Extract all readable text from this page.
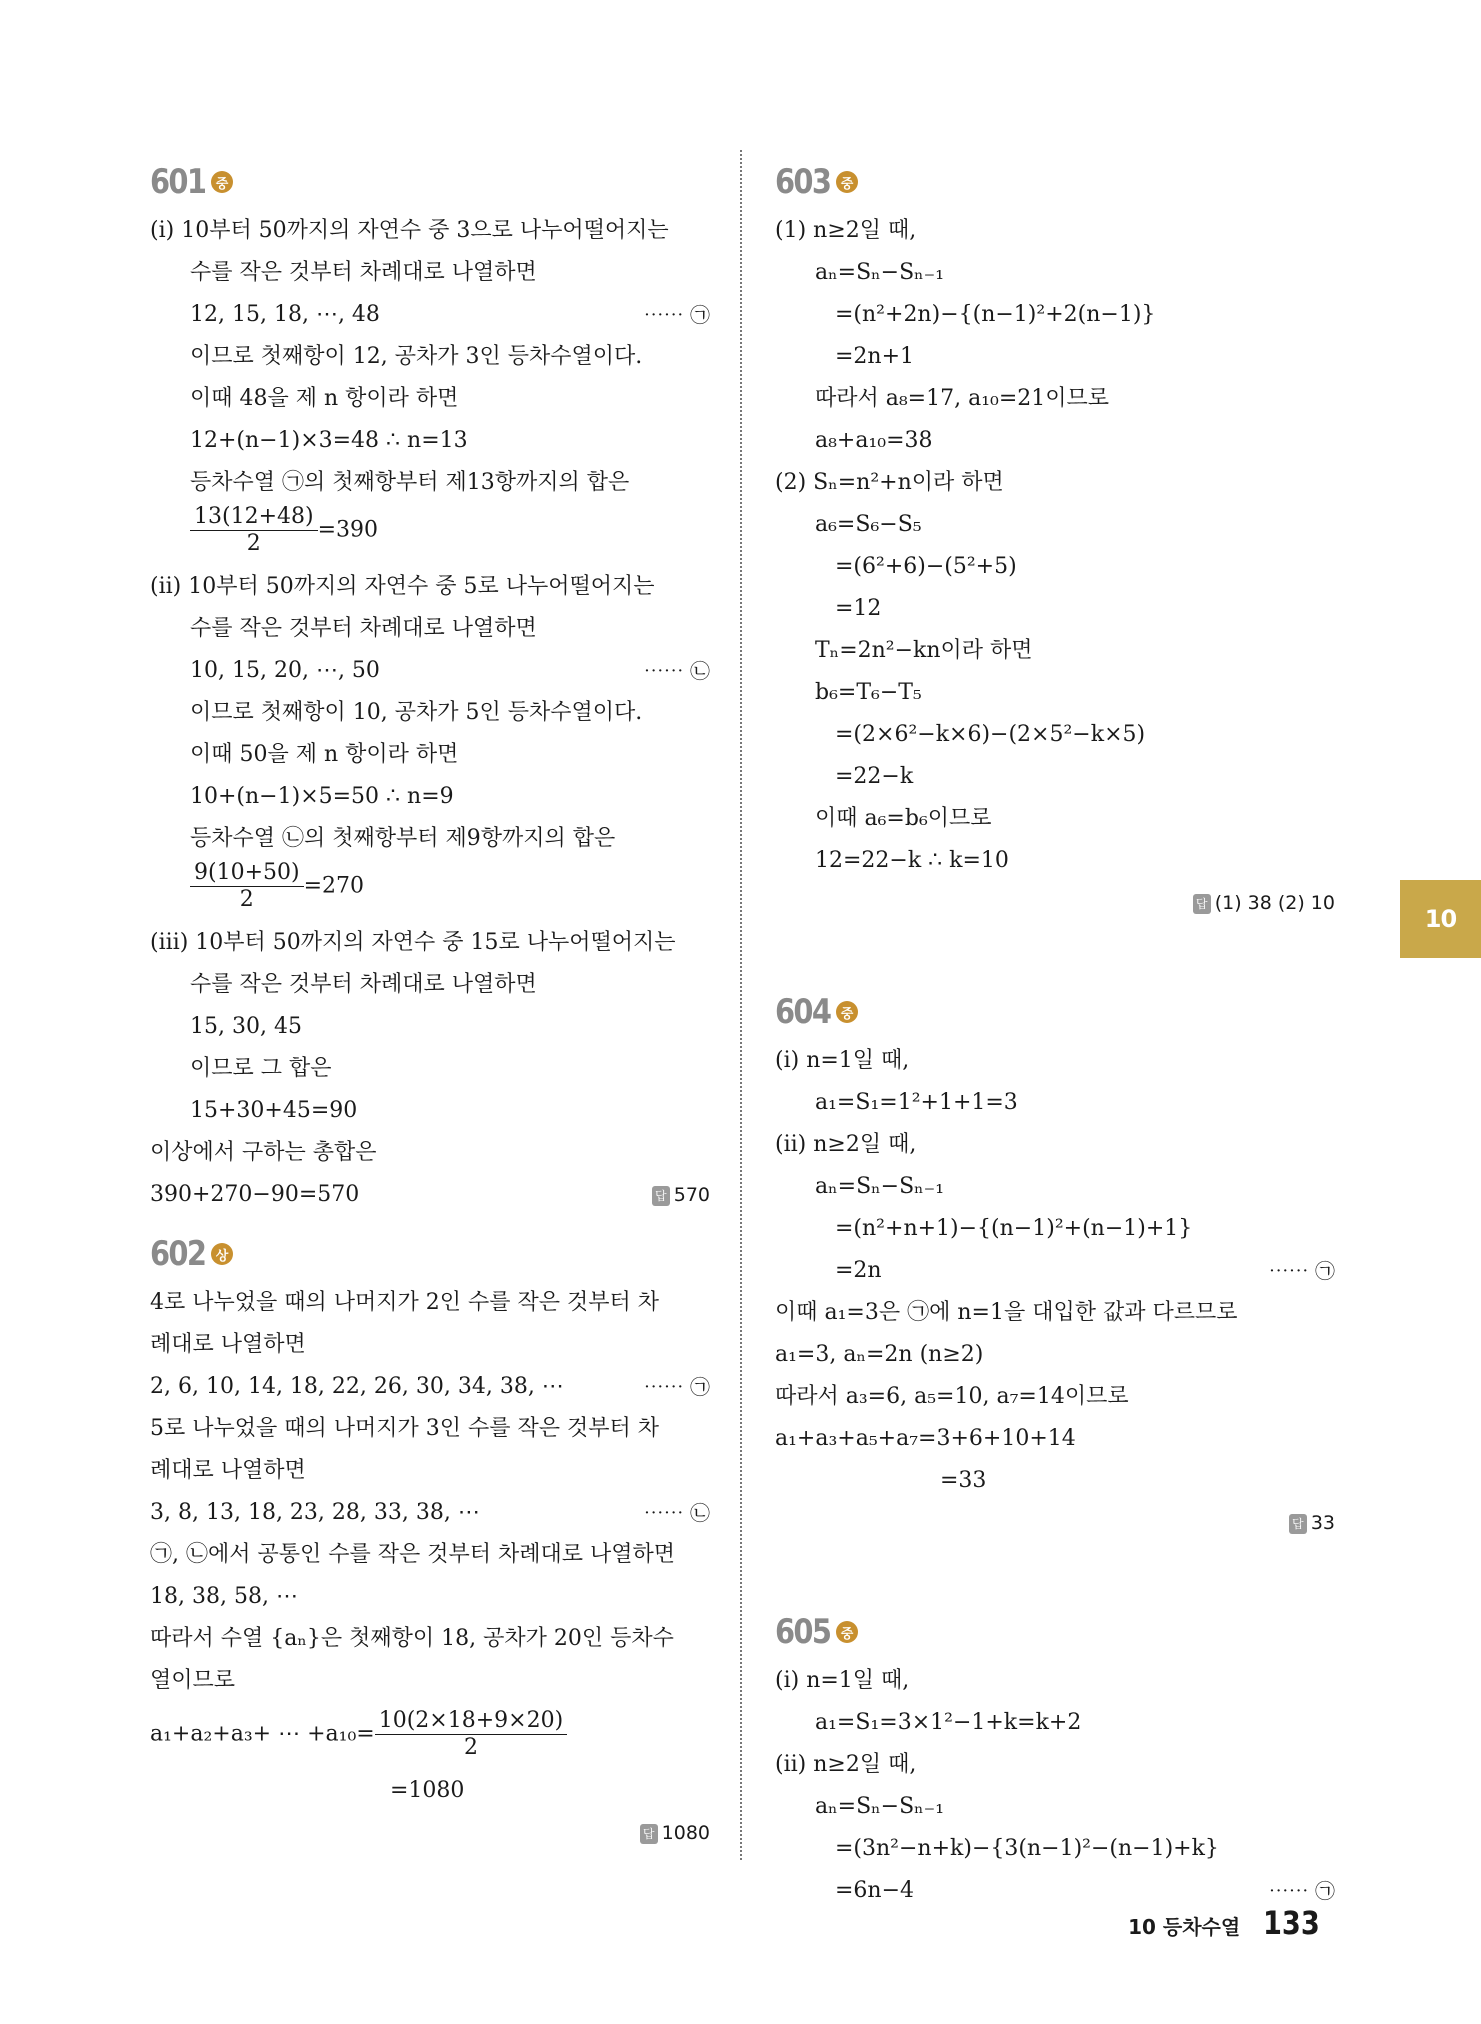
601 중
(ⅰ) 10부터 50까지의 자연수 중 3으로 나누어떨어지는
수를 작은 것부터 차례대로 나열하면
12, 15, 18, ⋯, 48	⋯⋯ ㉠
이므로 첫째항이 12, 공차가 3인 등차수열이다.
이때 48을 제 n 항이라 하면
12+(n−1)×3=48 ∴ n=13
등차수열 ㉠의 첫째항부터 제13항까지의 합은
$\frac{13(12+48)}{2} =390$
(ⅱ) 10부터 50까지의 자연수 중 5로 나누어떨어지는
수를 작은 것부터 차례대로 나열하면
10, 15, 20, ⋯, 50	⋯⋯ ㉡
이므로 첫째항이 10, 공차가 5인 등차수열이다.
이때 50을 제 n 항이라 하면
10+(n−1)×5=50 ∴ n=9
등차수열 ㉡의 첫째항부터 제9항까지의 합은
$\frac{9(10+50)}{2} =270$
(ⅲ) 10부터 50까지의 자연수 중 15로 나누어떨어지는
수를 작은 것부터 차례대로 나열하면
15, 30, 45
이므로 그 합은
15+30+45=90
이상에서 구하는 총합은
390+270−90=570	답 570
602 상
4로 나누었을 때의 나머지가 2인 수를 작은 것부터 차
례대로 나열하면
2, 6, 10, 14, 18, 22, 26, 30, 34, 38, ⋯	⋯⋯ ㉠
5로 나누었을 때의 나머지가 3인 수를 작은 것부터 차
례대로 나열하면
3, 8, 13, 18, 23, 28, 33, 38, ⋯	⋯⋯ ㉡
㉠, ㉡에서 공통인 수를 작은 것부터 차례대로 나열하면
18, 38, 58, ⋯
따라서 수열 {aₙ}은 첫째항이 18, 공차가 20인 등차수
열이므로
a₁+a₂+a₃+ ⋯ $+a_{10}= \frac{10(2\times 18+9\times 20)}{2}$
=1080
답 1080
603 중
(1) n≥2일 때,
aₙ=Sₙ−Sₙ₋₁
=(n²+2n)−{(n−1)²+2(n−1)}
=2n+1
따라서 a₈=17, a₁₀=21이므로
a₈+a₁₀=38
(2) Sₙ=n²+n이라 하면
a₆=S₆−S₅
=(6²+6)−(5²+5)
=12
Tₙ=2n²−kn이라 하면
b₆=T₆−T₅
=(2×6²−k×6)−(2×5²−k×5)
=22−k
이때 a₆=b₆이므로
12=22−k ∴ k=10
답 (1) 38 (2) 10
604 중
(ⅰ) n=1일 때,
a₁=S₁=1²+1+1=3
(ⅱ) n≥2일 때,
aₙ=Sₙ−Sₙ₋₁
=(n²+n+1)−{(n−1)²+(n−1)+1}
=2n	⋯⋯ ㉠
이때 a₁=3은 ㉠에 n=1을 대입한 값과 다르므로
a₁=3, aₙ=2n (n≥2)
따라서 a₃=6, a₅=10, a₇=14이므로
a₁+a₃+a₅+a₇=3+6+10+14
=33
답 33
605 중
(ⅰ) n=1일 때,
a₁=S₁=3×1²−1+k=k+2
(ⅱ) n≥2일 때,
aₙ=Sₙ−Sₙ₋₁
=(3n²−n+k)−{3(n−1)²−(n−1)+k}
=6n−4	⋯⋯ ㉠
10
10 등차수열 133
